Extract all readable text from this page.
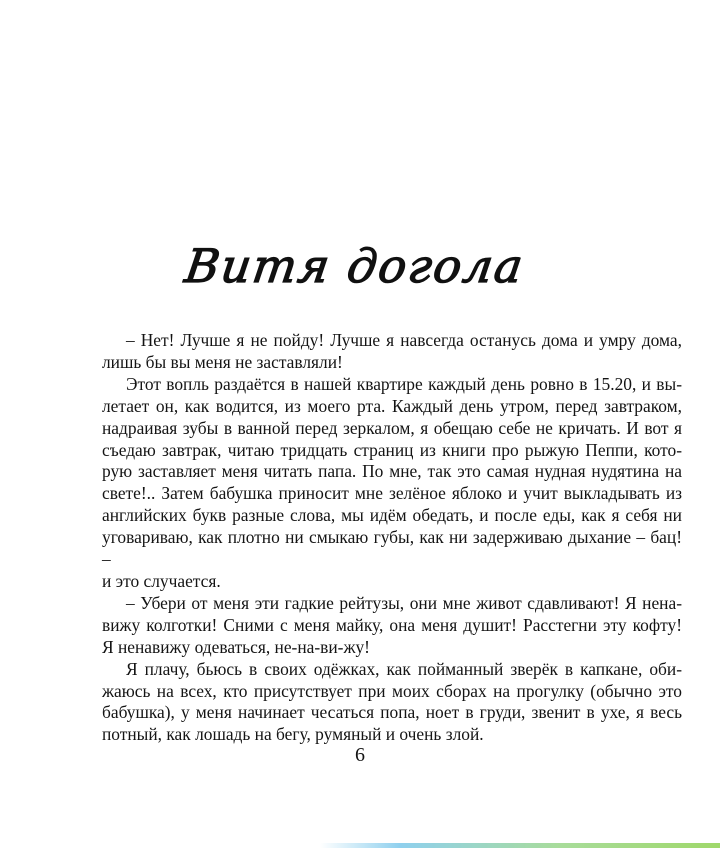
Витя догола

– Нет! Лучше я не пойду! Лучше я навсегда останусь дома и умру дома,
лишь бы вы меня не заставляли!

Этот вопль раздаётся в нашей квартире каждый день ровно в 15.20, и вы-
летает он, как водится, из моего рта. Каждый день утром, перед завтраком,
надраивая зубы в ванной перед зеркалом, я обещаю себе не кричать. И вот я
съедаю завтрак, читаю тридцать страниц из книги про рыжую Пеппи, кото-
рую заставляет меня читать папа. По мне, так это самая нудная нудятина на
свете!.. Затем бабушка приносит мне зелёное яблоко и учит выкладывать из
английских букв разные слова, мы идём обедать, и после еды, как я себя ни
уговариваю, как плотно ни смыкаю губы, как ни задерживаю дыхание – бац! –
и это случается.

– Убери от меня эти гадкие рейтузы, они мне живот сдавливают! Я нена-
вижу колготки! Сними с меня майку, она меня душит! Расстегни эту кофту!
Я ненавижу одеваться, не-на-ви-жу!

Я плачу, бьюсь в своих одёжках, как пойманный зверёк в капкане, оби-
жаюсь на всех, кто присутствует при моих сборах на прогулку (обычно это
бабушка), у меня начинает чесаться попа, ноет в груди, звенит в ухе, я весь
потный, как лошадь на бегу, румяный и очень злой.

6
